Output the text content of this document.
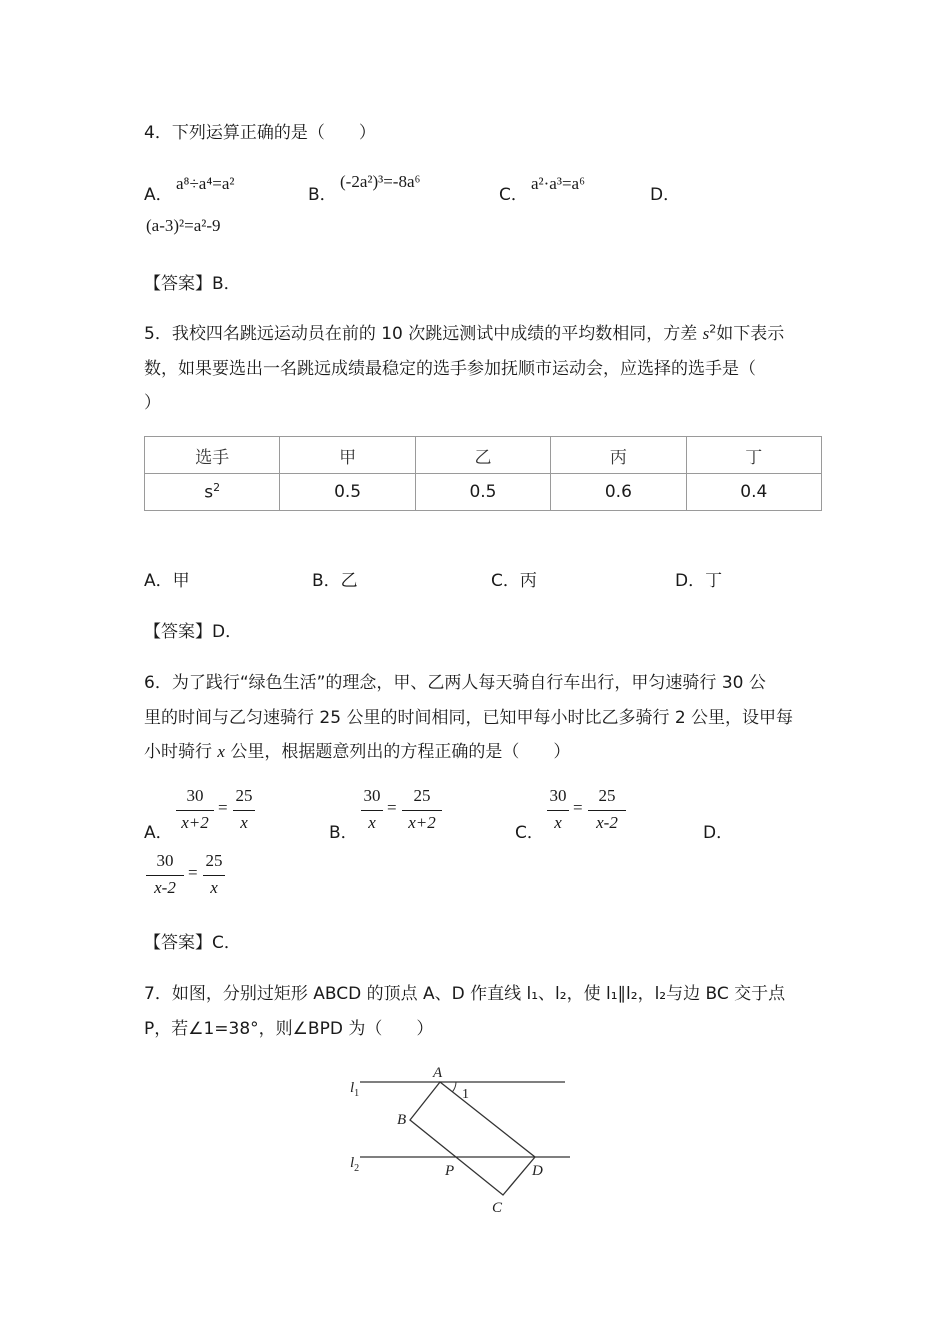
4．下列运算正确的是（　　）
A．
a⁸÷a⁴=a²
B．
(-2a²)³=-8a⁶
C．
a²·a³=a⁶
D．
(a-3)²=a²-9
【答案】B．
5．我校四名跳远运动员在前的 10 次跳远测试中成绩的平均数相同，方差 $s^2$如下表示
数，如果要选出一名跳远成绩最稳定的选手参加抚顺市运动会，应选择的选手是（
）
选手	甲	乙	丙	丁
$s^2$	0.5	0.5	0.6	0.4
A．甲	B．乙	C．丙	D．丁
【答案】D．
6．为了践行“绿色生活”的理念，甲、乙两人每天骑自行车出行，甲匀速骑行 30 公
里的时间与乙匀速骑行 25 公里的时间相同，已知甲每小时比乙多骑行 2 公里，设甲每
小时骑行 x 公里，根据题意列出的方程正确的是（　　）
A．
30
x+2
=
25
x
B．
30
x
=
25
x+2
C．
30
x
=
25
x-2
D．
30
x-2
=
25
x
【答案】C．
7．如图，分别过矩形 ABCD 的顶点 A、D 作直线 l₁、l₂，使 l₁∥l₂，l₂与边 BC 交于点
P，若∠1=38°，则∠BPD 为（　　）
A
B
C
D
P
$l_1$
$l_2$
1
